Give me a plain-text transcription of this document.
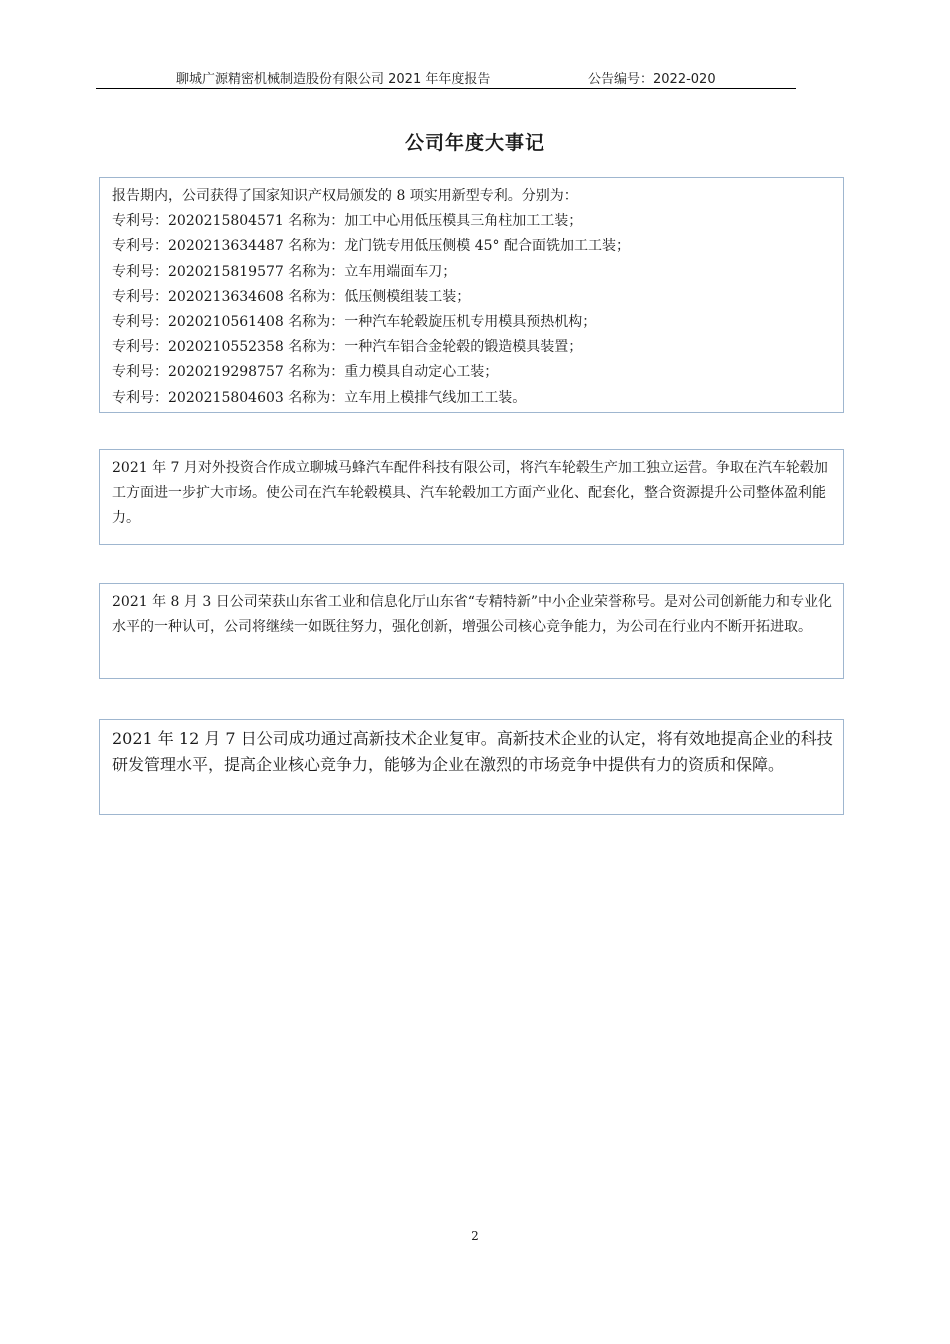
聊城广源精密机械制造股份有限公司 2021 年年度报告	公告编号：2022-020
公司年度大事记

报告期内，公司获得了国家知识产权局颁发的 8 项实用新型专利。分别为：

专利号：2020215804571 名称为：加工中心用低压模具三角柱加工工装；

专利号：2020213634487 名称为：龙门铣专用低压侧模 45° 配合面铣加工工装；

专利号：2020215819577 名称为：立车用端面车刀；

专利号：2020213634608 名称为：低压侧模组装工装；

专利号：2020210561408 名称为：一种汽车轮毂旋压机专用模具预热机构；

专利号：2020210552358 名称为：一种汽车铝合金轮毂的锻造模具装置；

专利号：2020219298757 名称为：重力模具自动定心工装；

专利号：2020215804603 名称为：立车用上模排气线加工工装。

2021 年 7 月对外投资合作成立聊城马蜂汽车配件科技有限公司，将汽车轮毂生产加工独立运营。争取在汽车轮毂加工方面进一步扩大市场。使公司在汽车轮毂模具、汽车轮毂加工方面产业化、配套化，整合资源提升公司整体盈利能力。

2021 年 8 月 3 日公司荣获山东省工业和信息化厅山东省“专精特新”中小企业荣誉称号。是对公司创新能力和专业化水平的一种认可，公司将继续一如既往努力，强化创新，增强公司核心竞争能力，为公司在行业内不断开拓进取。

2021 年 12 月 7 日公司成功通过高新技术企业复审。高新技术企业的认定，将有效地提高企业的科技研发管理水平，提高企业核心竞争力，能够为企业在激烈的市场竞争中提供有力的资质和保障。

2
